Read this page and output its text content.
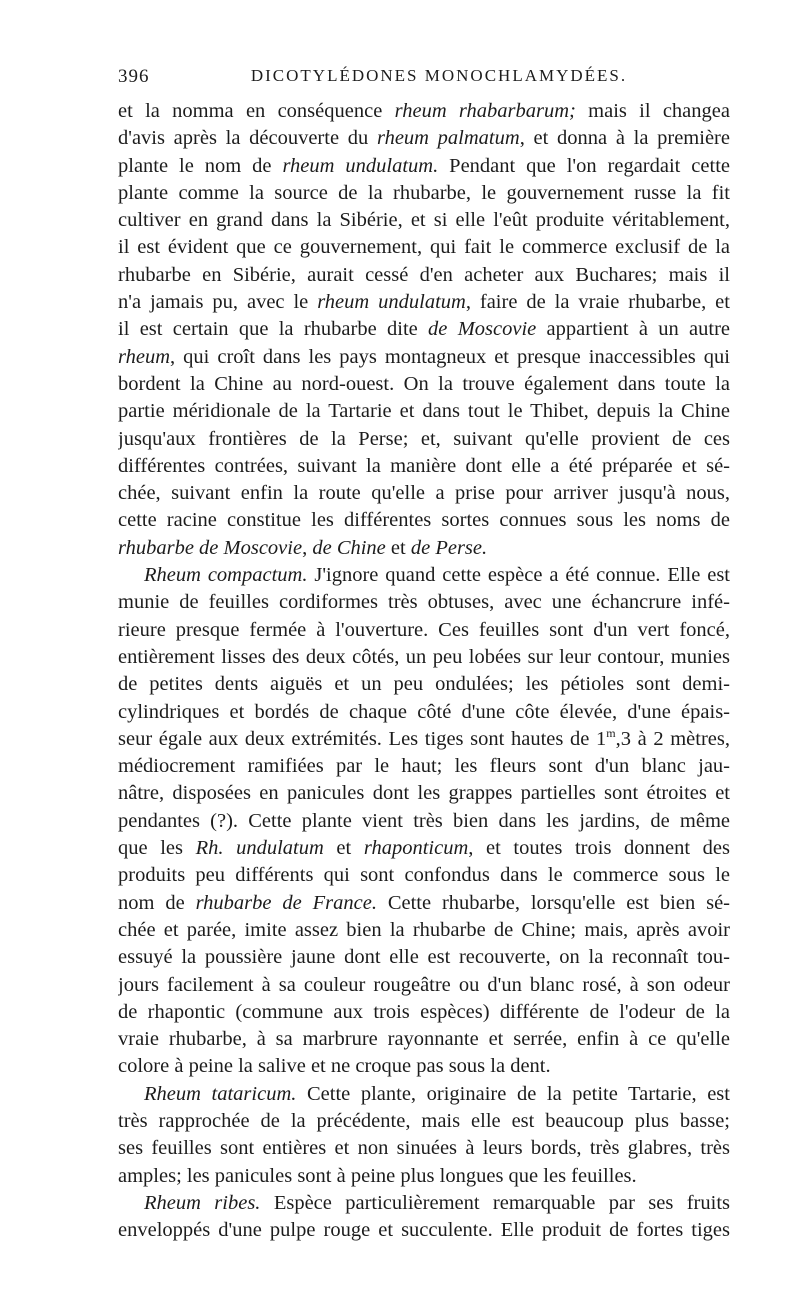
396	DICOTYLÉDONES MONOCHLAMYDÉES.
et la nomma en conséquence rheum rhabarbarum; mais il changea
d'avis après la découverte du rheum palmatum, et donna à la première
plante le nom de rheum undulatum. Pendant que l'on regardait cette
plante comme la source de la rhubarbe, le gouvernement russe la fit
cultiver en grand dans la Sibérie, et si elle l'eût produite véritablement,
il est évident que ce gouvernement, qui fait le commerce exclusif de la
rhubarbe en Sibérie, aurait cessé d'en acheter aux Buchares; mais il
n'a jamais pu, avec le rheum undulatum, faire de la vraie rhubarbe, et
il est certain que la rhubarbe dite de Moscovie appartient à un autre
rheum, qui croît dans les pays montagneux et presque inaccessibles qui
bordent la Chine au nord-ouest. On la trouve également dans toute la
partie méridionale de la Tartarie et dans tout le Thibet, depuis la Chine
jusqu'aux frontières de la Perse; et, suivant qu'elle provient de ces
différentes contrées, suivant la manière dont elle a été préparée et sé-
chée, suivant enfin la route qu'elle a prise pour arriver jusqu'à nous,
cette racine constitue les différentes sortes connues sous les noms de
rhubarbe de Moscovie, de Chine et de Perse.
Rheum compactum. J'ignore quand cette espèce a été connue. Elle est
munie de feuilles cordiformes très obtuses, avec une échancrure infé-
rieure presque fermée à l'ouverture. Ces feuilles sont d'un vert foncé,
entièrement lisses des deux côtés, un peu lobées sur leur contour, munies
de petites dents aiguës et un peu ondulées; les pétioles sont demi-
cylindriques et bordés de chaque côté d'une côte élevée, d'une épais-
seur égale aux deux extrémités. Les tiges sont hautes de 1$^m$,3 à 2 mètres,
médiocrement ramifiées par le haut; les fleurs sont d'un blanc jau-
nâtre, disposées en panicules dont les grappes partielles sont étroites et
pendantes (?). Cette plante vient très bien dans les jardins, de même
que les Rh. undulatum et rhaponticum, et toutes trois donnent des
produits peu différents qui sont confondus dans le commerce sous le
nom de rhubarbe de France. Cette rhubarbe, lorsqu'elle est bien sé-
chée et parée, imite assez bien la rhubarbe de Chine; mais, après avoir
essuyé la poussière jaune dont elle est recouverte, on la reconnaît tou-
jours facilement à sa couleur rougeâtre ou d'un blanc rosé, à son odeur
de rhapontic (commune aux trois espèces) différente de l'odeur de la
vraie rhubarbe, à sa marbrure rayonnante et serrée, enfin à ce qu'elle
colore à peine la salive et ne croque pas sous la dent.
Rheum tataricum. Cette plante, originaire de la petite Tartarie, est
très rapprochée de la précédente, mais elle est beaucoup plus basse;
ses feuilles sont entières et non sinuées à leurs bords, très glabres, très
amples; les panicules sont à peine plus longues que les feuilles.
Rheum ribes. Espèce particulièrement remarquable par ses fruits
enveloppés d'une pulpe rouge et succulente. Elle produit de fortes tiges
